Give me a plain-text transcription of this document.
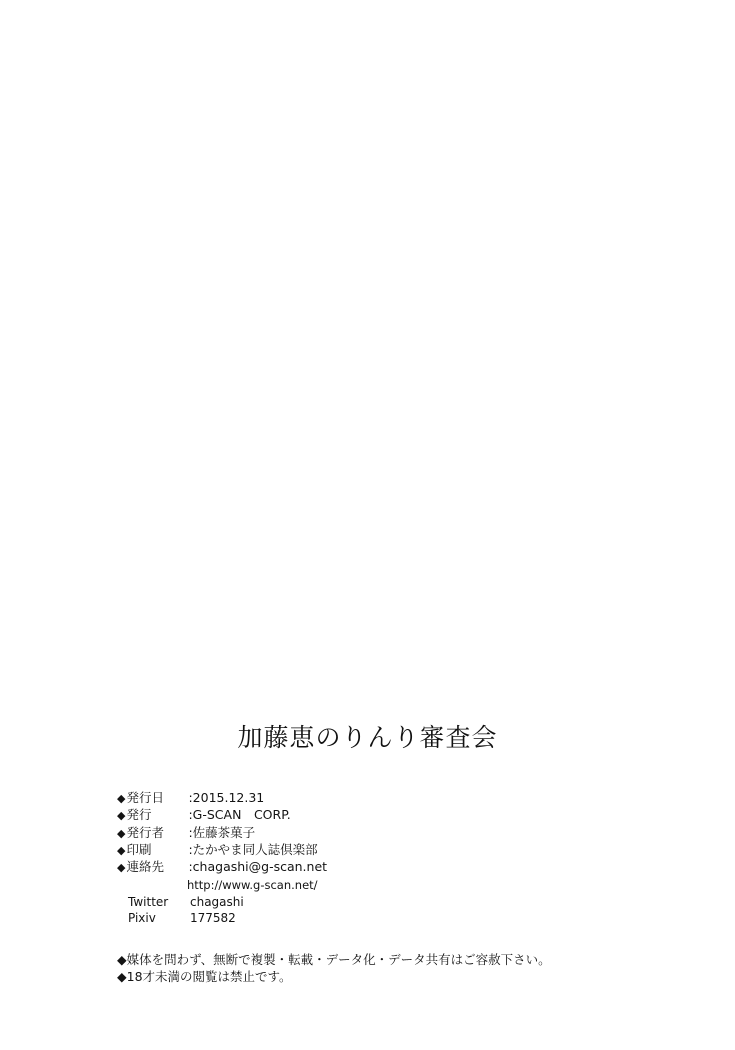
加藤恵のりんり審査会
◆発行日 :2015.12.31
◆発行	:G-SCAN　CORP.
◆発行者 :佐藤茶菓子
◆印刷	:たかやま同人誌倶楽部
◆連絡先 :chagashi@g-scan.net
http://www.g-scan.net/
Twitter chagashi
Pixiv	177582
◆媒体を問わず、無断で複製・転載・データ化・データ共有はご容赦下さい。
◆18才未満の閲覧は禁止です。
